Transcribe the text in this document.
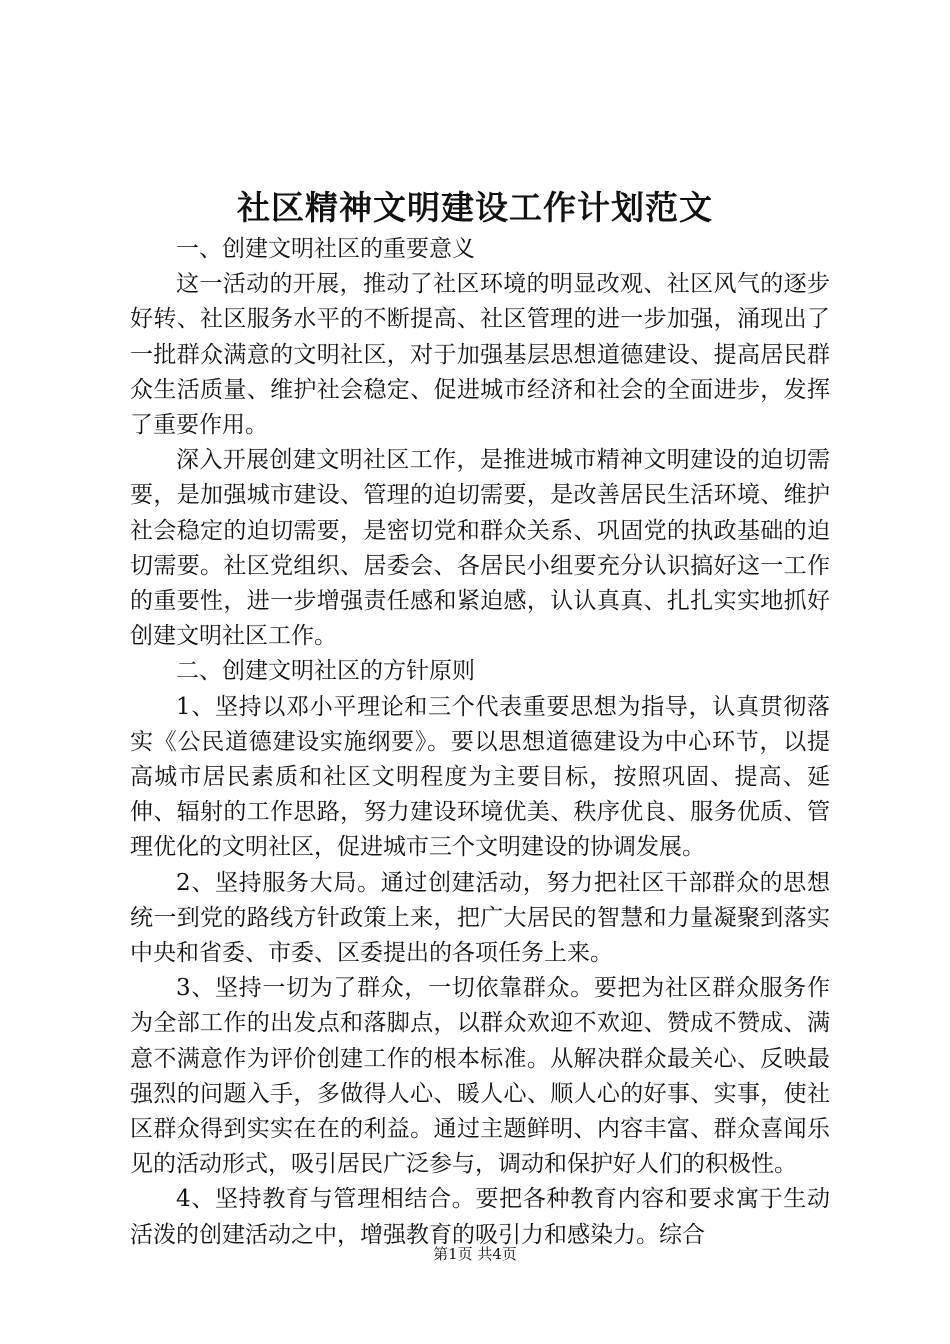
社区精神文明建设工作计划范文

一、创建文明社区的重要意义

这一活动的开展，推动了社区环境的明显改观、社区风气的逐步好转、社区服务水平的不断提高、社区管理的进一步加强，涌现出了一批群众满意的文明社区，对于加强基层思想道德建设、提高居民群众生活质量、维护社会稳定、促进城市经济和社会的全面进步，发挥了重要作用。

深入开展创建文明社区工作，是推进城市精神文明建设的迫切需要，是加强城市建设、管理的迫切需要，是改善居民生活环境、维护社会稳定的迫切需要，是密切党和群众关系、巩固党的执政基础的迫切需要。社区党组织、居委会、各居民小组要充分认识搞好这一工作的重要性，进一步增强责任感和紧迫感，认认真真、扎扎实实地抓好创建文明社区工作。

二、创建文明社区的方针原则

1、坚持以邓小平理论和三个代表重要思想为指导，认真贯彻落实《公民道德建设实施纲要》。要以思想道德建设为中心环节，以提高城市居民素质和社区文明程度为主要目标，按照巩固、提高、延伸、辐射的工作思路，努力建设环境优美、秩序优良、服务优质、管理优化的文明社区，促进城市三个文明建设的协调发展。

2、坚持服务大局。通过创建活动，努力把社区干部群众的思想统一到党的路线方针政策上来，把广大居民的智慧和力量凝聚到落实中央和省委、市委、区委提出的各项任务上来。

3、坚持一切为了群众，一切依靠群众。要把为社区群众服务作为全部工作的出发点和落脚点，以群众欢迎不欢迎、赞成不赞成、满意不满意作为评价创建工作的根本标准。从解决群众最关心、反映最强烈的问题入手，多做得人心、暖人心、顺人心的好事、实事，使社区群众得到实实在在的利益。通过主题鲜明、内容丰富、群众喜闻乐见的活动形式，吸引居民广泛参与，调动和保护好人们的积极性。

4、坚持教育与管理相结合。要把各种教育内容和要求寓于生动活泼的创建活动之中，增强教育的吸引力和感染力。综合

第1页 共4页
